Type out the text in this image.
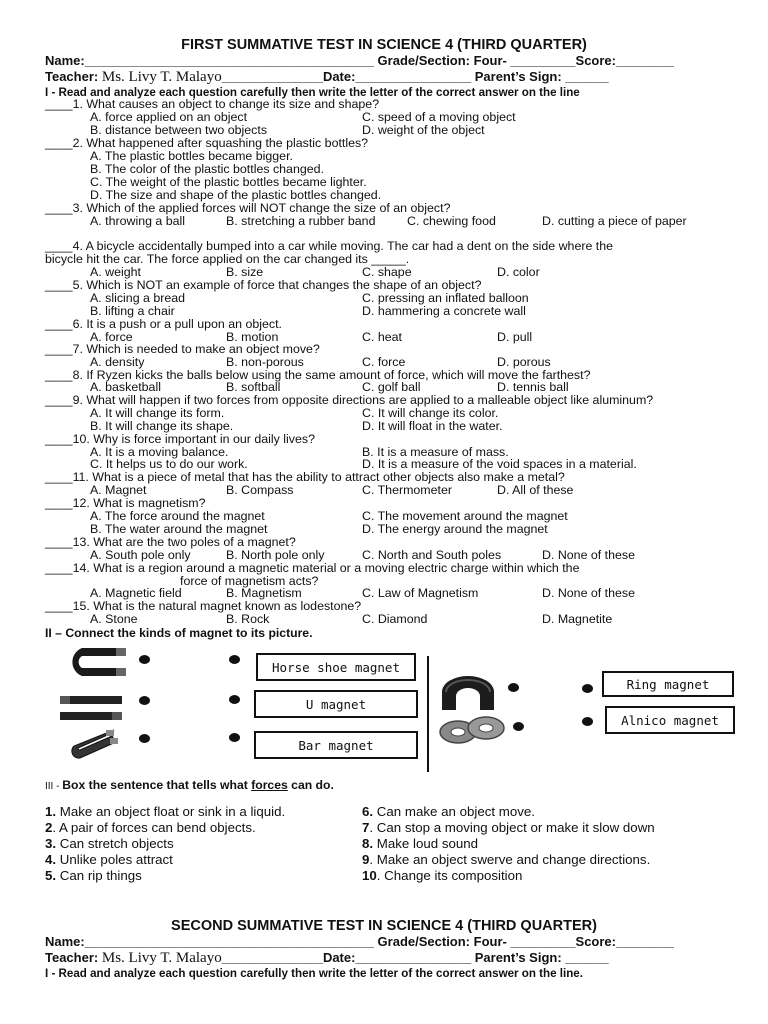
FIRST SUMMATIVE TEST IN SCIENCE 4 (THIRD QUARTER)
Name:________________________________________ Grade/Section: Four- _________Score:________
Teacher: Ms. Livy T. Malayo______________Date:________________ Parent’s Sign: ______
I - Read and analyze each question carefully then write the letter of the correct answer on the line
____1. What causes an object to change its size and shape?
A. force applied on an object	C. speed of a moving object
B. distance between two objects	D. weight of the object
____2. What happened after squashing the plastic bottles?
A. The plastic bottles became bigger.
B. The color of the plastic bottles changed.
C. The weight of the plastic bottles became lighter.
D. The size and shape of the plastic bottles changed.
____3. Which of the applied forces will NOT change the size of an object?
A. throwing a ball	B. stretching a rubber band	C. chewing food	D. cutting a piece of paper
____4. A bicycle accidentally bumped into a car while moving. The car had a dent on the side where the
bicycle hit the car. The force applied on the car changed its _____.
A. weight	B. size	C. shape	D. color
____5. Which is NOT an example of force that changes the shape of an object?
A. slicing a bread	C. pressing an inflated balloon
B. lifting a chair	D. hammering a concrete wall
____6. It is a push or a pull upon an object.
A. force	B. motion	C. heat	D. pull
____7. Which is needed to make an object move?
A. density	B. non-porous	C. force	D. porous
____8. If Ryzen kicks the balls below using the same amount of force, which will move the farthest?
A. basketball	B. softball	C. golf ball	D. tennis ball
____9. What will happen if two forces from opposite directions are applied to a malleable object like aluminum?
A. It will change its form.	C. It will change its color.
B. It will change its shape.	D. It will float in the water.
____10. Why is force important in our daily lives?
A. It is a moving balance.	B. It is a measure of mass.
C. It helps us to do our work.	D. It is a measure of the void spaces in a material.
____11. What is a piece of metal that has the ability to attract other objects also make a metal?
A. Magnet	B. Compass	C. Thermometer	D. All of these
____12. What is magnetism?
A. The force around the magnet	C. The movement around the magnet
B. The water around the magnet	D. The energy around the magnet
____13. What are the two poles of a magnet?
A. South pole only	B. North pole only	C. North and South poles	D. None of these
____14. What is a region around a magnetic material or a moving electric charge within which the
force of magnetism acts?
A. Magnetic field	B. Magnetism	C. Law of Magnetism	D. None of these
____15. What is the natural magnet known as lodestone?
A. Stone	B. Rock	C. Diamond	D. Magnetite
II – Connect the kinds of magnet to its picture.
N
Horse shoe magnet
U magnet
Bar magnet
Ring magnet
Alnico magnet
III - Box the sentence that tells what forces can do.
1. Make an object float or sink in a liquid.
2. A pair of forces can bend objects.
3. Can stretch objects
4. Unlike poles attract
5. Can rip things
6. Can make an object move.
7. Can stop a moving object or make it slow down
8. Make loud sound
9. Make an object swerve and change directions.
10. Change its composition
SECOND SUMMATIVE TEST IN SCIENCE 4 (THIRD QUARTER)
Name:________________________________________ Grade/Section: Four- _________Score:________
Teacher: Ms. Livy T. Malayo______________Date:________________ Parent’s Sign: ______
I - Read and analyze each question carefully then write the letter of the correct answer on the line.
